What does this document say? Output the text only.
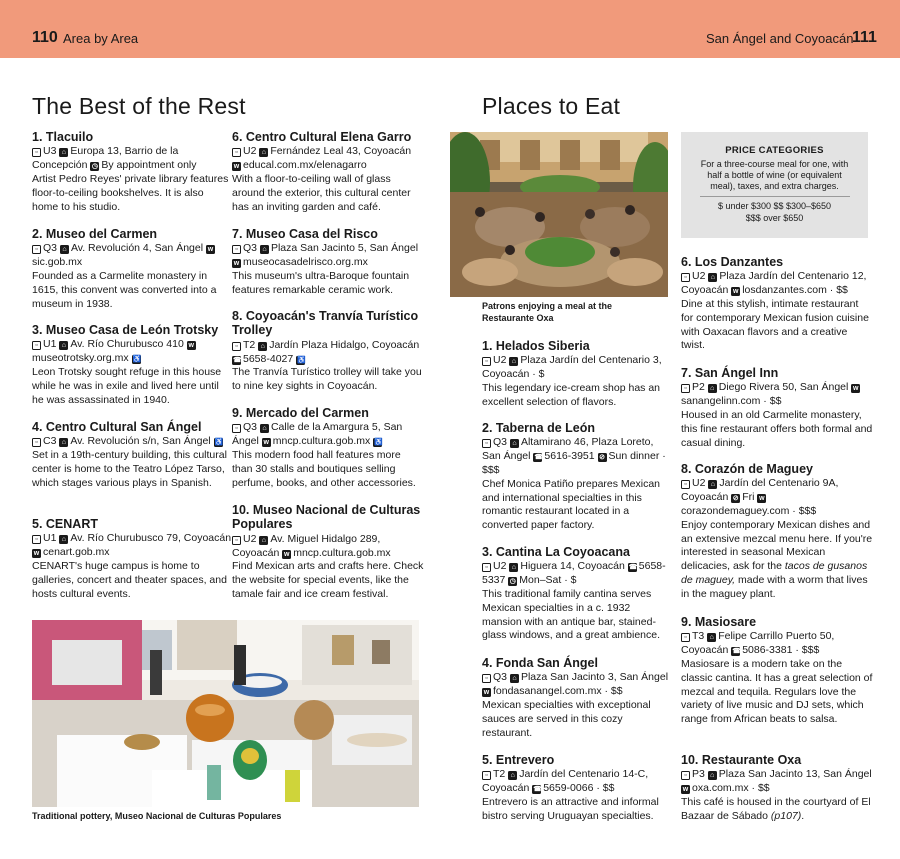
110 Area by Area	San Ángel and Coyoacán
111
The Best of the Rest	Places to Eat
1. Tlacuilo
▫ U3 ⌂ Europa 13, Barrio de la Concepción ◷ By appointment only
Artist Pedro Reyes' private library features floor-to-ceiling bookshelves. It is also home to his studio.
2. Museo del Carmen
▫ Q3 ⌂ Av. Revolución 4, San Ángel wsic.gob.mx
Founded as a Carmelite monastery in 1615, this convent was converted into a museum in 1938.
3. Museo Casa de León Trotsky
▫ U1 ⌂ Av. Río Churubusco 410 wmuseotrotsky.org.mx ♿
Leon Trotsky sought refuge in this house while he was in exile and lived here until he was assassinated in 1940.
4. Centro Cultural San Ángel
▫ C3 ⌂ Av. Revolución s/n, San Ángel ♿
Set in a 19th-century building, this cultural center is home to the Teatro López Tarso, which stages various plays in Spanish.
5. CENART
▫ U1 ⌂ Av. Río Churubusco 79, Coyoacán w cenart.gob.mx
CENART's huge campus is home to galleries, concert and theater spaces, and hosts cultural events.
6. Centro Cultural Elena Garro
▫ U2 ⌂ Fernández Leal 43, Coyoacán w educal.com.mx/elenagarro
With a floor-to-ceiling wall of glass around the exterior, this cultural center has an inviting garden and café.
7. Museo Casa del Risco
▫ Q3 ⌂ Plaza San Jacinto 5, San Ángel w museocasadelrisco.org.mx
This museum's ultra-Baroque fountain features remarkable ceramic work.
8. Coyoacán's Tranvía Turístico Trolley
▫ T2 ⌂ Jardín Plaza Hidalgo, Coyoacán ☎5658-4027 ♿
The Tranvía Turístico trolley will take you to nine key sights in Coyoacán.
9. Mercado del Carmen
▫ Q3 ⌂ Calle de la Amargura 5, San Ángel w mncp.cultura.gob.mx ♿
This modern food hall features more than 30 stalls and boutiques selling perfume, books, and other accessories.
10. Museo Nacional de Culturas Populares
▫ U2 ⌂ Av. Miguel Hidalgo 289, Coyoacán w mncp.cultura.gob.mx
Find Mexican arts and crafts here. Check the website for special events, like the tamale fair and ice cream festival.
Traditional pottery, Museo Nacional de Culturas Populares
Patrons enjoying a meal at the Restaurante Oxa
PRICE CATEGORIES
For a three-course meal for one, with half a bottle of wine (or equivalent meal), taxes, and extra charges.
$ under $300 $$ $300–$650
$$$ over $650
1. Helados Siberia
▫ U2 ⌂ Plaza Jardín del Centenario 3, Coyoacán · $
This legendary ice-cream shop has an excellent selection of flavors.
2. Taberna de León
▫ Q3 ⌂ Altamirano 46, Plaza Loreto, San Ángel ☎5616-3951 ⊘ Sun dinner · $$$
Chef Monica Patiño prepares Mexican and international specialties in this romantic restaurant located in a converted paper factory.
3. Cantina La Coyoacana
▫ U2 ⌂ Higuera 14, Coyoacán ☎5658-5337 ◷ Mon–Sat · $
This traditional family cantina serves Mexican specialties in a c. 1932 mansion with an antique bar, stained-glass windows, and a great ambience.
4. Fonda San Ángel
▫ Q3 ⌂ Plaza San Jacinto 3, San Ángel w fondasanangel.com.mx · $$
Mexican specialties with exceptional sauces are served in this cozy restaurant.
5. Entrevero
▫ T2 ⌂ Jardín del Centenario 14-C, Coyoacán ☎5659-0066 · $$
Entrevero is an attractive and informal bistro serving Uruguayan specialties.
6. Los Danzantes
▫ U2 ⌂ Plaza Jardín del Centenario 12, Coyoacán w losdanzantes.com · $$
Dine at this stylish, intimate restaurant for contemporary Mexican fusion cuisine with Oaxacan flavors and a creative twist.
7. San Ángel Inn
▫ P2 ⌂ Diego Rivera 50, San Ángel wsanangelinn.com · $$
Housed in an old Carmelite monastery, this fine restaurant offers both formal and casual dining.
8. Corazón de Maguey
▫ U2 ⌂ Jardín del Centenario 9A, Coyoacán ⊘ Fri wcorazondemaguey.com · $$$
Enjoy contemporary Mexican dishes and an extensive mezcal menu here. If you're interested in seasonal Mexican delicacies, ask for the tacos de gusanos de maguey, made with a worm that lives in the maguey plant.
9. Masiosare
▫ T3 ⌂ Felipe Carrillo Puerto 50, Coyoacán ☎5086-3381 · $$$
Masiosare is a modern take on the classic cantina. It has a great selection of mezcal and tequila. Regulars love the variety of live music and DJ sets, which range from African beats to salsa.
10. Restaurante Oxa
▫ P3 ⌂ Plaza San Jacinto 13, San Ángel w oxa.com.mx · $$
This café is housed in the courtyard of El Bazaar de Sábado (p107).
